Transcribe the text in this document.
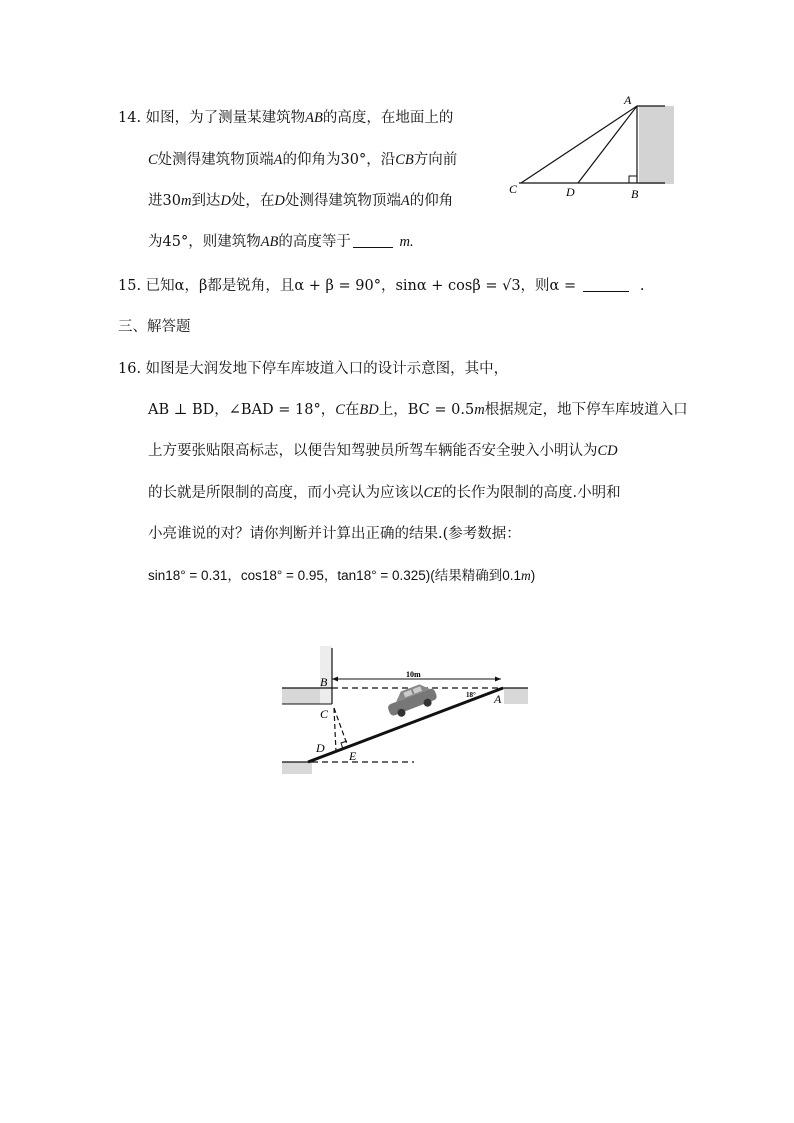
14. 如图，为了测量某建筑物AB的高度，在地面上的
C处测得建筑物顶端A的仰角为30°，沿CB方向前
进30m到达D处，在D处测得建筑物顶端A的仰角
为45°，则建筑物AB的高度等于	m.
A
C	D	B
15. 已知α，β都是锐角，且α + β = 90°，sinα + cosβ = √3，则α =	.
三、解答题
16. 如图是大润发地下停车库坡道入口的设计示意图，其中，
AB ⊥ BD，∠BAD = 18°，C在BD上，BC = 0.5m根据规定，地下停车库坡道入口
上方要张贴限高标志，以便告知驾驶员所驾车辆能否安全驶入小明认为CD
的长就是所限制的高度，而小亮认为应该以CE的长作为限制的高度.小明和
小亮谁说的对？请你判断并计算出正确的结果.(参考数据：
sin18° = 0.31，cos18° = 0.95，tan18° = 0.325)(结果精确到0.1m)
10m
B
C
D
E
A
18°
